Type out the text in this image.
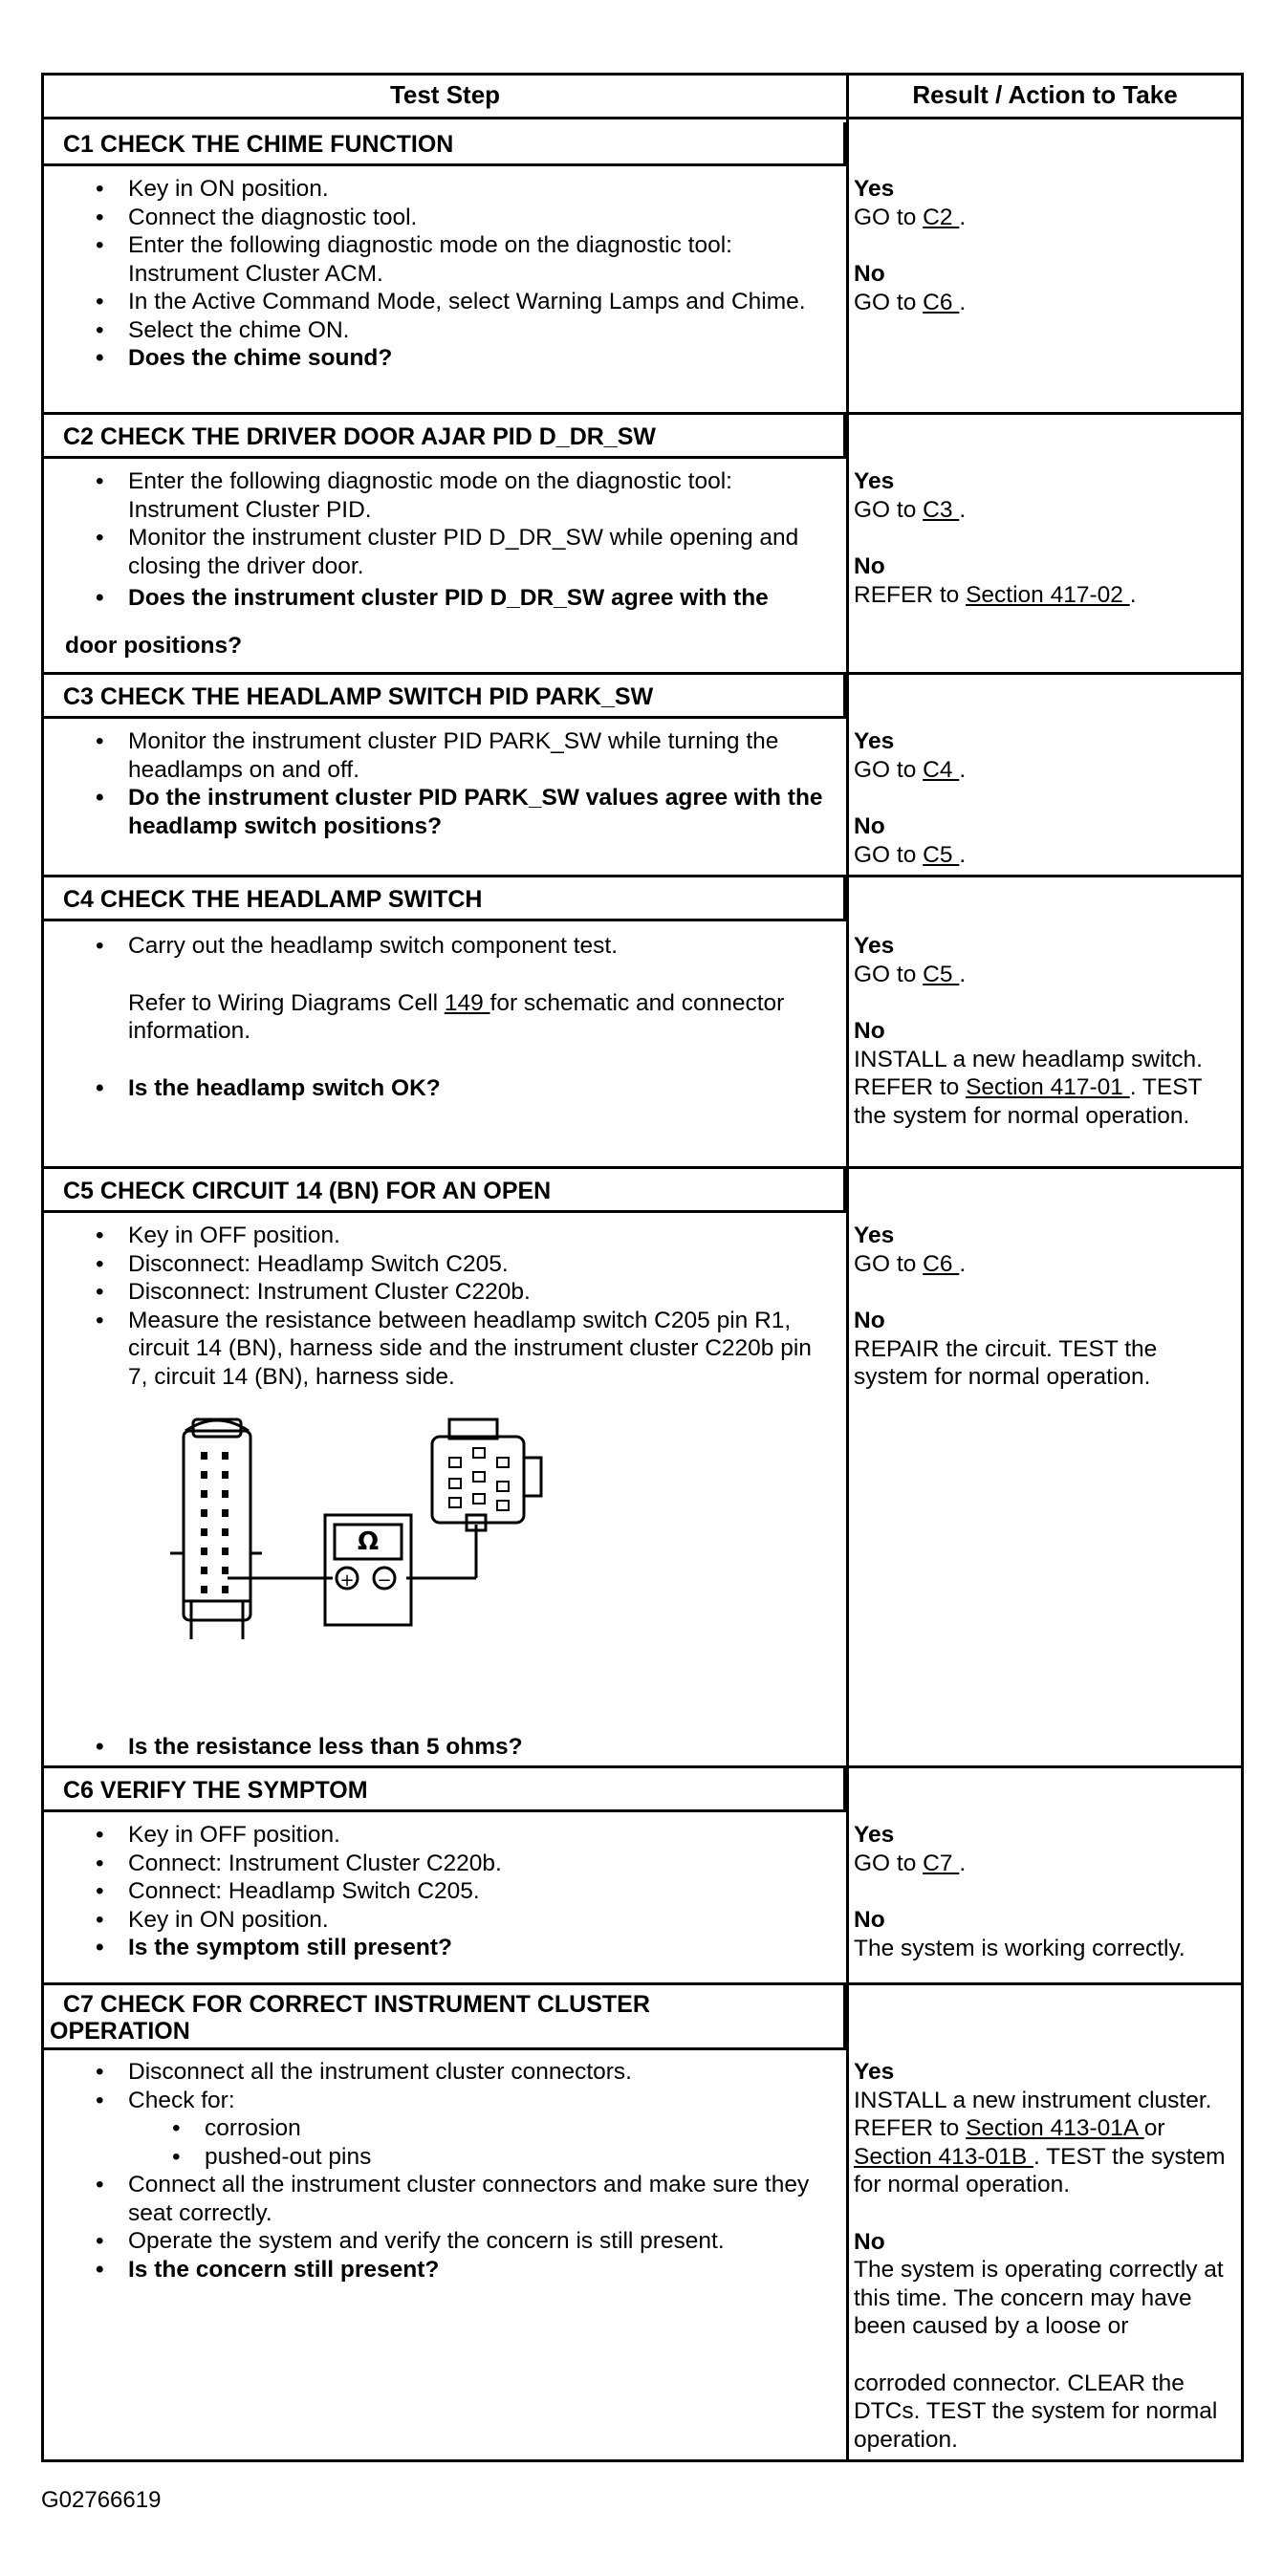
Test Step	Result / Action to Take
C1 CHECK THE CHIME FUNCTION
• Key in ON position.
• Connect the diagnostic tool.
• Enter the following diagnostic mode on the diagnostic tool: Instrument Cluster ACM.
• In the Active Command Mode, select Warning Lamps and Chime.
• Select the chime ON.
• Does the chime sound?
Yes
GO to C2 .
No
GO to C6 .
C2 CHECK THE DRIVER DOOR AJAR PID D_DR_SW
• Enter the following diagnostic mode on the diagnostic tool: Instrument Cluster PID.
• Monitor the instrument cluster PID D_DR_SW while opening and closing the driver door.
• Does the instrument cluster PID D_DR_SW agree with the
door positions?
Yes
GO to C3 .
No
REFER to Section 417-02 .
C3 CHECK THE HEADLAMP SWITCH PID PARK_SW
• Monitor the instrument cluster PID PARK_SW while turning the headlamps on and off.
• Do the instrument cluster PID PARK_SW values agree with the headlamp switch positions?
Yes
GO to C4 .
No
GO to C5 .
C4 CHECK THE HEADLAMP SWITCH
• Carry out the headlamp switch component test.
Refer to Wiring Diagrams Cell 149 for schematic and connector information.
• Is the headlamp switch OK?
Yes
GO to C5 .
No
INSTALL a new headlamp switch. REFER to Section 417-01 . TEST the system for normal operation.
C5 CHECK CIRCUIT 14 (BN) FOR AN OPEN
• Key in OFF position.
• Disconnect: Headlamp Switch C205.
• Disconnect: Instrument Cluster C220b.
• Measure the resistance between headlamp switch C205 pin R1, circuit 14 (BN), harness side and the instrument cluster C220b pin 7, circuit 14 (BN), harness side.
Ω
+ −
• Is the resistance less than 5 ohms?
Yes
GO to C6 .
No
REPAIR the circuit. TEST the system for normal operation.
C6 VERIFY THE SYMPTOM
• Key in OFF position.
• Connect: Instrument Cluster C220b.
• Connect: Headlamp Switch C205.
• Key in ON position.
• Is the symptom still present?
Yes
GO to C7 .
No
The system is working correctly.
C7 CHECK FOR CORRECT INSTRUMENT CLUSTER
OPERATION
• Disconnect all the instrument cluster connectors.
• Check for:
• corrosion
• pushed-out pins
• Connect all the instrument cluster connectors and make sure they seat correctly.
• Operate the system and verify the concern is still present.
• Is the concern still present?
Yes
INSTALL a new instrument cluster. REFER to Section 413-01A or Section 413-01B . TEST the system for normal operation.
No
The system is operating correctly at this time. The concern may have been caused by a loose or
corroded connector. CLEAR the DTCs. TEST the system for normal operation.
G02766619
